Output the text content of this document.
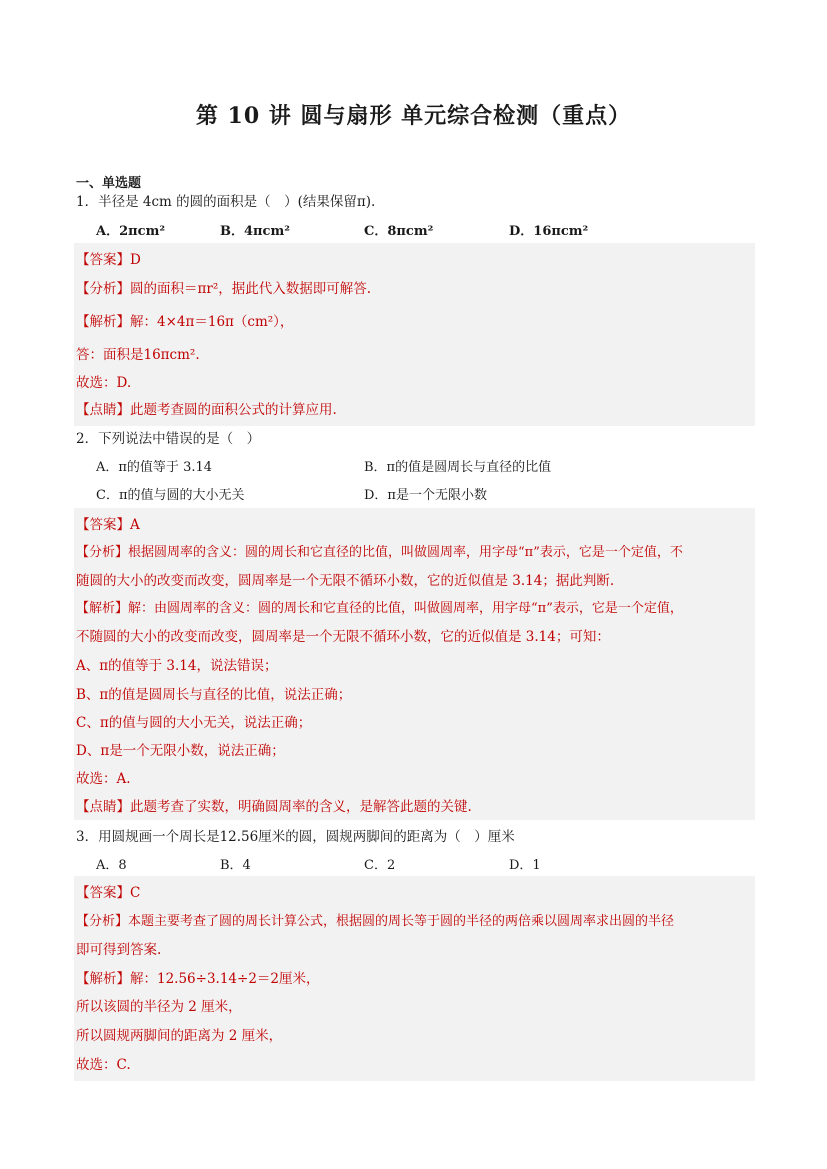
第 10 讲 圆与扇形 单元综合检测（重点）
一、单选题
1．半径是 4cm 的圆的面积是（　）(结果保留π).
A．2πcm²	B．4πcm²	C．8πcm²	D．16πcm²
【答案】D
【分析】圆的面积＝πr²，据此代入数据即可解答.
【解析】解：4×4π＝16π（cm²），
答：面积是16πcm².
故选：D.
【点睛】此题考查圆的面积公式的计算应用.
2．下列说法中错误的是（　）
A．π的值等于 3.14	B．π的值是圆周长与直径的比值
C．π的值与圆的大小无关	D．π是一个无限小数
【答案】A
【分析】根据圆周率的含义：圆的周长和它直径的比值，叫做圆周率，用字母“π”表示，它是一个定值，不
随圆的大小的改变而改变，圆周率是一个无限不循环小数，它的近似值是 3.14；据此判断.
【解析】解：由圆周率的含义：圆的周长和它直径的比值，叫做圆周率，用字母“π”表示，它是一个定值，
不随圆的大小的改变而改变，圆周率是一个无限不循环小数，它的近似值是 3.14；可知：
A、π的值等于 3.14，说法错误；
B、π的值是圆周长与直径的比值，说法正确；
C、π的值与圆的大小无关，说法正确；
D、π是一个无限小数，说法正确；
故选：A.
【点睛】此题考查了实数，明确圆周率的含义，是解答此题的关键.
3．用圆规画一个周长是12.56厘米的圆，圆规两脚间的距离为（　）厘米
A．8	B．4	C．2	D．1
【答案】C
【分析】本题主要考查了圆的周长计算公式，根据圆的周长等于圆的半径的两倍乘以圆周率求出圆的半径
即可得到答案.
【解析】解：12.56÷3.14÷2＝2厘米，
所以该圆的半径为 2 厘米，
所以圆规两脚间的距离为 2 厘米，
故选：C.
